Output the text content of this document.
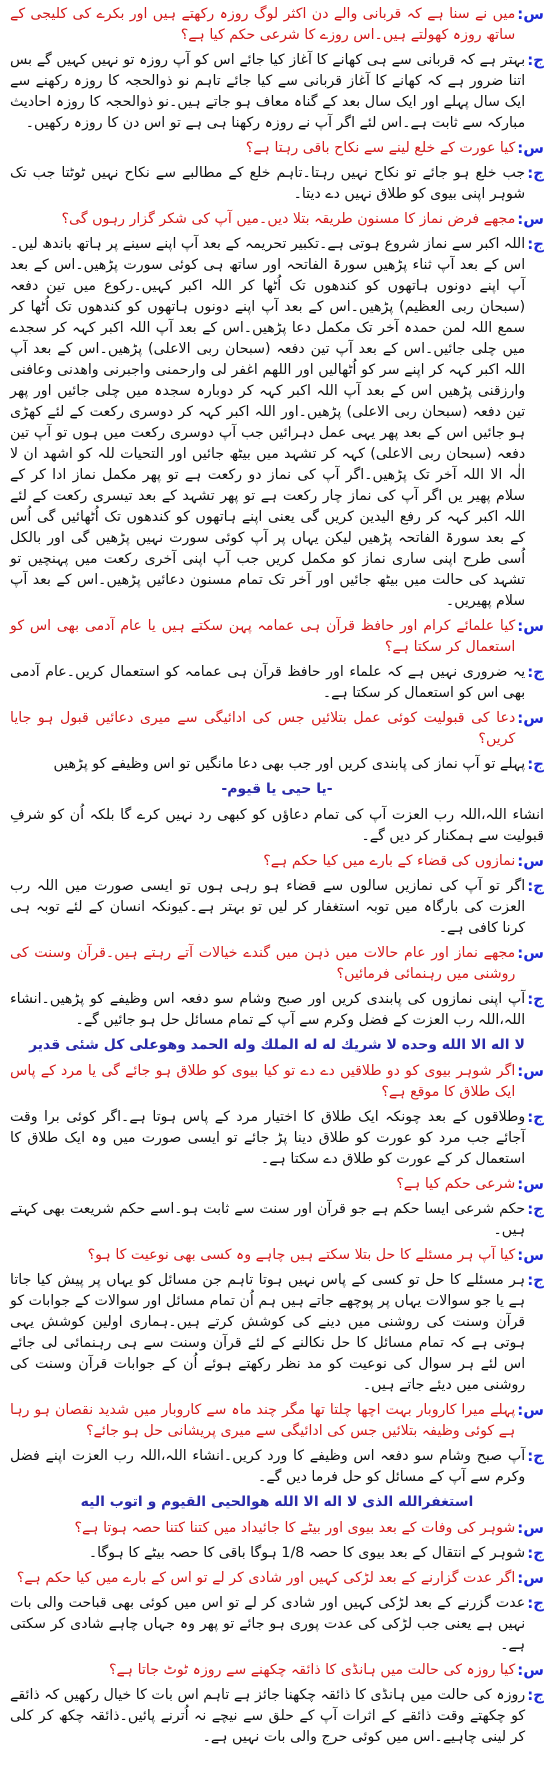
س:
میں نے سنا ہے کہ قربانی والے دن اکثر لوگ روزہ رکھتے ہیں اور بکرے کی کلیجی کے ساتھ روزہ کھولتے ہیں۔اس روزے کا شرعی حکم کیا ہے؟
ج:
بہتر ہے کہ قربانی سے ہی کھانے کا آغاز کیا جائے اس کو آپ روزہ تو نہیں کہیں گے بس اتنا ضرور ہے کہ کھانے کا آغاز قربانی سے کیا جائے تاہم نو ذوالحجہ کا روزہ رکھنے سے ایک سال پہلے اور ایک سال بعد کے گناہ معاف ہو جاتے ہیں۔نو ذوالحجہ کا روزہ احادیث مبارکہ سے ثابت ہے۔اس لئے اگر آپ نے روزہ رکھنا ہی ہے تو اس دن کا روزہ رکھیں۔
س:
کیا عورت کے خلع لینے سے نکاح باقی رہتا ہے؟
ج:
جب خلع ہو جائے تو نکاح نہیں رہتا۔تاہم خلع کے مطالبے سے نکاح نہیں ٹوٹتا جب تک شوہر اپنی بیوی کو طلاق نہیں دے دیتا۔
س:
مجھے فرض نماز کا مسنون طریقہ بتلا دیں۔میں آپ کی شکر گزار رہوں گی؟
ج:
اللہ اکبر سے نماز شروع ہوتی ہے۔تکبیر تحریمہ کے بعد آپ اپنے سینے پر ہاتھ باندھ لیں۔اس کے بعد آپ ثناء پڑھیں سورۃ الفاتحہ اور ساتھ ہی کوئی سورت پڑھیں۔اس کے بعد آپ اپنے دونوں ہاتھوں کو کندھوں تک اُٹھا کر اللہ اکبر کہیں۔رکوع میں تین دفعہ (سبحان ربی العظیم) پڑھیں۔اس کے بعد آپ اپنے دونوں ہاتھوں کو کندھوں تک اُٹھا کر سمع اللہ لمن حمدہ آخر تک مکمل دعا پڑھیں۔اس کے بعد آپ اللہ اکبر کہہ کر سجدے میں چلی جائیں۔اس کے بعد آپ تین دفعہ (سبحان ربی الاعلی) پڑھیں۔اس کے بعد آپ اللہ اکبر کہہ کر اپنے سر کو اُٹھالیں اور اللھم اغفر لی وارحمنی واجبرنی واھدنی وعافنی وارزقنی پڑھیں اس کے بعد آپ اللہ اکبر کہہ کر دوبارہ سجدہ میں چلی جائیں اور پھر تین دفعہ (سبحان ربی الاعلی) پڑھیں۔اور اللہ اکبر کہہ کر دوسری رکعت کے لئے کھڑی ہو جائیں اس کے بعد پھر یہی عمل دہرائیں جب آپ دوسری رکعت میں ہوں تو آپ تین دفعہ (سبحان ربی الاعلی) کہہ کر تشہد میں بیٹھ جائیں اور التحیات للہ کو اشھد ان لا الٰہ الا اللہ آخر تک پڑھیں۔اگر آپ کی نماز دو رکعت ہے تو پھر مکمل نماز ادا کر کے سلام پھیر یں اگر آپ کی نماز چار رکعت ہے تو پھر تشہد کے بعد تیسری رکعت کے لئے اللہ اکبر کہہ کر رفع الیدین کریں گی یعنی اپنے ہاتھوں کو کندھوں تک اُٹھائیں گی اُس کے بعد سورۃ الفاتحہ پڑھیں لیکن یہاں پر آپ کوئی سورت نہیں پڑھیں گی اور بالکل اُسی طرح اپنی ساری نماز کو مکمل کریں جب آپ اپنی آخری رکعت میں پہنچیں تو تشہد کی حالت میں بیٹھ جائیں اور آخر تک تمام مسنون دعائیں پڑھیں۔اس کے بعد آپ سلام پھیریں۔
س:
کیا علمائے کرام اور حافظ قرآن ہی عمامہ پہن سکتے ہیں یا عام آدمی بھی اس کو استعمال کر سکتا ہے؟
ج:
یہ ضروری نہیں ہے کہ علماء اور حافظ قرآن ہی عمامہ کو استعمال کریں۔عام آدمی بھی اس کو استعمال کر سکتا ہے۔
س:
دعا کی قبولیت کوئی عمل بتلائیں جس کی ادائیگی سے میری دعائیں قبول ہو جایا کریں؟
ج:
پہلے تو آپ نماز کی پابندی کریں اور جب بھی دعا مانگیں تو اس وظیفے کو پڑھیں
-یا حیی یا قیوم-
انشاء اللہ،اللہ رب العزت آپ کی تمام دعاؤں کو کبھی رد نہیں کرے گا بلکہ اُن کو شرفِ قبولیت سے ہمکنار کر دیں گے۔
س:
نمازوں کی قضاء کے بارے میں کیا حکم ہے؟
ج:
اگر تو آپ کی نمازیں سالوں سے قضاء ہو رہی ہوں تو ایسی صورت میں اللہ رب العزت کی بارگاہ میں توبہ استغفار کر لیں تو بہتر ہے۔کیونکہ انسان کے لئے توبہ ہی کرنا کافی ہے۔
س:
مجھے نماز اور عام حالات میں ذہن میں گندے خیالات آتے رہتے ہیں۔قرآن وسنت کی روشنی میں رہنمائی فرمائیں؟
ج:
آپ اپنی نمازوں کی پابندی کریں اور صبح وشام سو دفعہ اس وظیفے کو پڑھیں۔انشاء اللہ،اللہ رب العزت کے فضل وکرم سے آپ کے تمام مسائل حل ہو جائیں گے۔
لا اله الا الله وحده لا شريك له له الملك وله الحمد وهوعلى كل شئی قدير
س:
اگر شوہر بیوی کو دو طلاقیں دے دے تو کیا بیوی کو طلاق ہو جائے گی یا مرد کے پاس ایک طلاق کا موقع ہے؟
ج:
وطلاقوں کے بعد چونکہ ایک طلاق کا اختیار مرد کے پاس ہوتا ہے۔اگر کوئی برا وقت آجائے جب مرد کو عورت کو طلاق دینا پڑ جائے تو ایسی صورت میں وہ ایک طلاق کا استعمال کر کے عورت کو طلاق دے سکتا ہے۔
س:
شرعی حکم کیا ہے؟
ج:
حکم شرعی ایسا حکم ہے جو قرآن اور سنت سے ثابت ہو۔اسے حکم شریعت بھی کہتے ہیں۔
س:
کیا آپ ہر مسئلے کا حل بتلا سکتے ہیں چاہے وہ کسی بھی نوعیت کا ہو؟
ج:
ہر مسئلے کا حل تو کسی کے پاس نہیں ہوتا تاہم جن مسائل کو یہاں پر پیش کیا جاتا ہے یا جو سوالات یہاں پر پوچھے جاتے ہیں ہم اُن تمام مسائل اور سوالات کے جوابات کو قرآن وسنت کی روشنی میں دینے کی کوشش کرتے ہیں۔ہماری اولین کوشش یہی ہوتی ہے کہ تمام مسائل کا حل نکالنے کے لئے قرآن وسنت سے ہی رہنمائی لی جائے اس لئے ہر سوال کی نوعیت کو مد نظر رکھتے ہوئے اُن کے جوابات قرآن وسنت کی روشنی میں دیئے جاتے ہیں۔
س:
پہلے میرا کاروبار بہت اچھا چلتا تھا مگر چند ماہ سے کاروبار میں شدید نقصان ہو رہا ہے کوئی وظیفہ بتلائیں جس کی ادائیگی سے میری پریشانی حل ہو جائے؟
ج:
آپ صبح وشام سو دفعہ اس وظیفے کا ورد کریں۔انشاء اللہ،اللہ رب العزت اپنے فضل وکرم سے آپ کے مسائل کو حل فرما دیں گے۔
استغفرالله الذی لا اله الا الله هوالحيی القيوم و اتوب اليه
س:
شوہر کی وفات کے بعد بیوی اور بیٹے کا جائیداد میں کتنا کتنا حصہ ہوتا ہے؟
ج:
شوہر کے انتقال کے بعد بیوی کا حصہ 1/8 ہوگا باقی کا حصہ بیٹے کا ہوگا۔
س:
اگر عدت گزارنے کے بعد لڑکی کہیں اور شادی کر لے تو اس کے بارے میں کیا حکم ہے؟
ج:
عدت گزرنے کے بعد لڑکی کہیں اور شادی کر لے تو اس میں کوئی بھی قباحت والی بات نہیں ہے یعنی جب لڑکی کی عدت پوری ہو جائے تو پھر وہ جہاں چاہے شادی کر سکتی ہے۔
س:
کیا روزہ کی حالت میں ہانڈی کا ذائقہ چکھنے سے روزہ ٹوٹ جاتا ہے؟
ج:
روزہ کی حالت میں ہانڈی کا ذائقہ چکھنا جائز ہے تاہم اس بات کا خیال رکھیں کہ ذائقے کو چکھتے وقت ذائقے کے اثرات آپ کے حلق سے نیچے نہ اُترنے پائیں۔ذائقہ چکھ کر کلی کر لینی چاہیے۔اس میں کوئی حرج والی بات نہیں ہے۔
